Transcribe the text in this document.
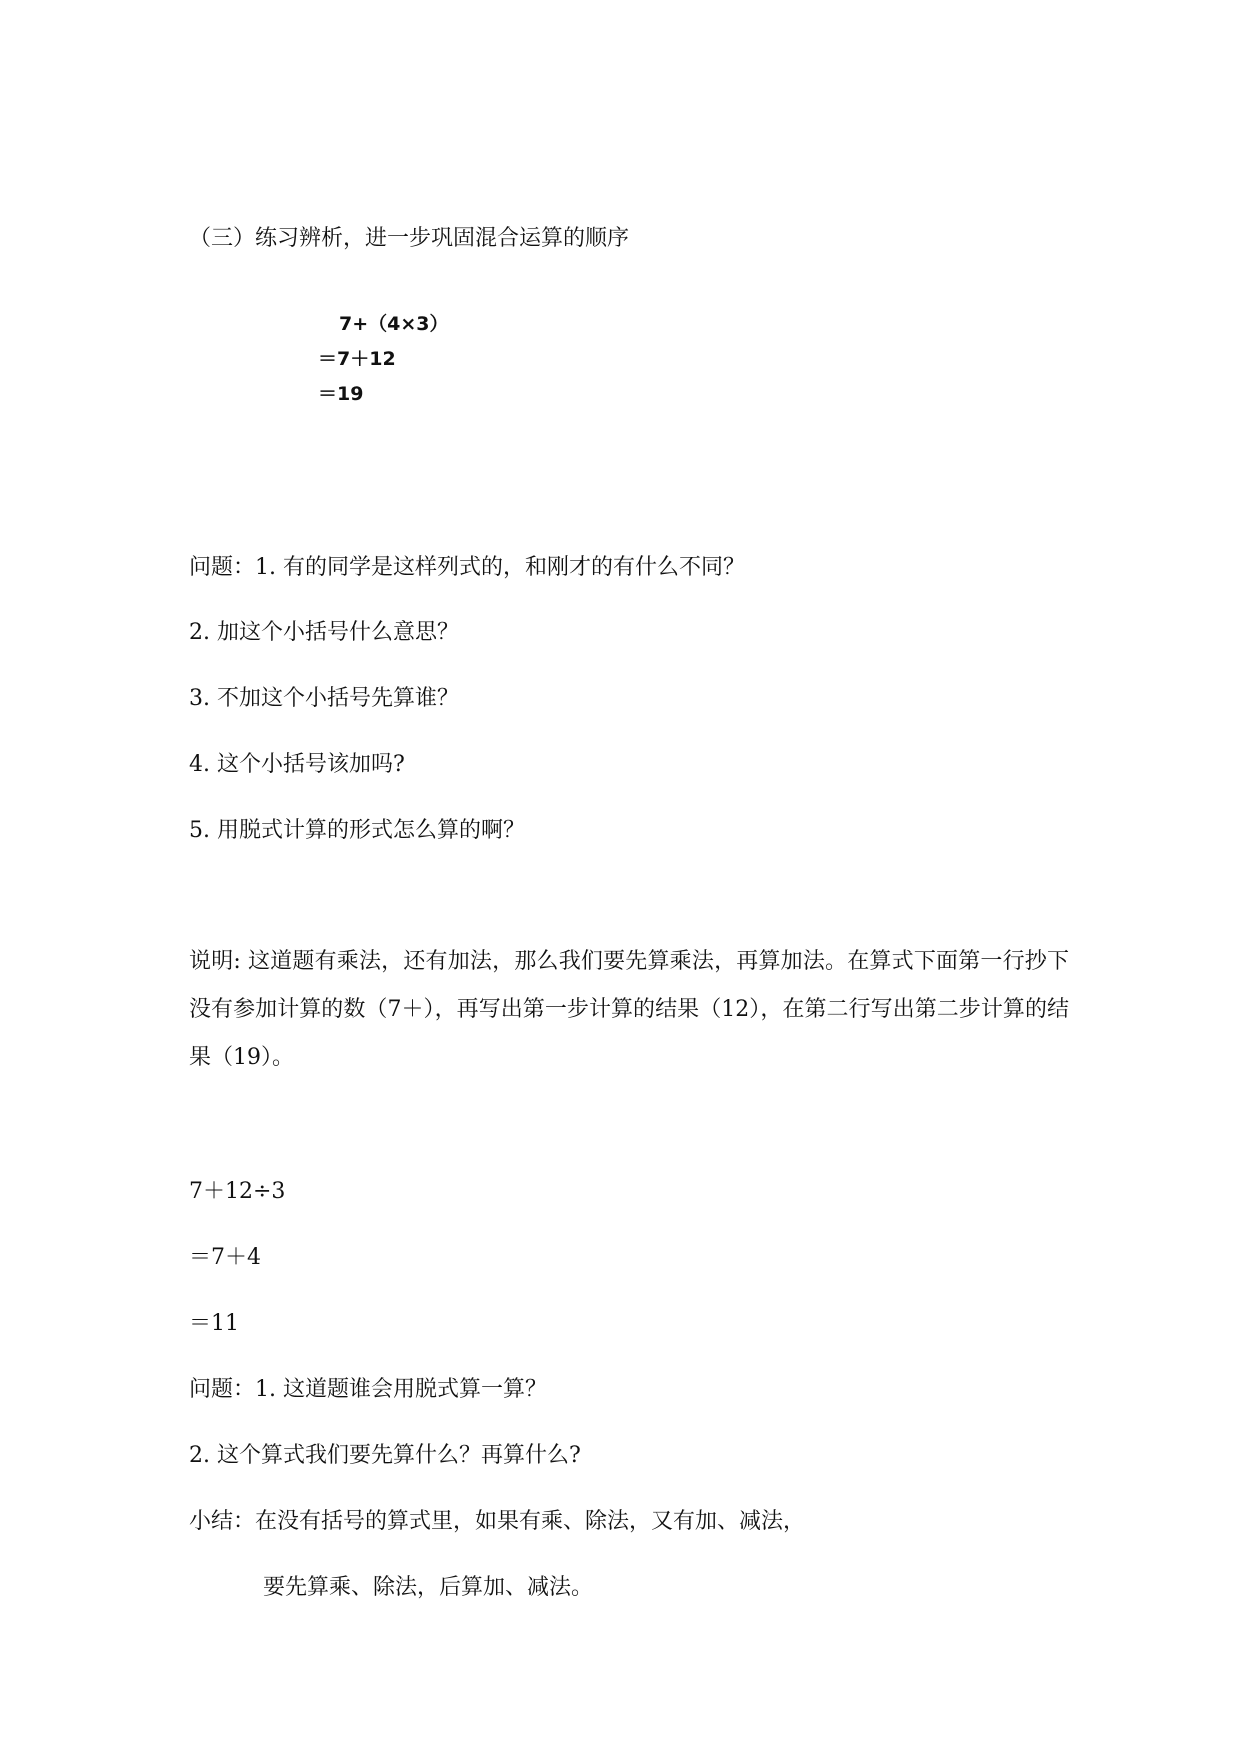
（三）练习辨析，进一步巩固混合运算的顺序
7+（4×3）
＝7＋12
＝19
问题：1. 有的同学是这样列式的，和刚才的有什么不同？
2. 加这个小括号什么意思？
3. 不加这个小括号先算谁？
4. 这个小括号该加吗?
5. 用脱式计算的形式怎么算的啊？
说明: 这道题有乘法，还有加法，那么我们要先算乘法，再算加法。在算式下面第一行抄下没有参加计算的数（7＋），再写出第一步计算的结果（12），在第二行写出第二步计算的结果（19）。
7＋12÷3
＝7＋4
＝11
问题：1. 这道题谁会用脱式算一算？
2. 这个算式我们要先算什么？再算什么?
小结：在没有括号的算式里，如果有乘、除法，又有加、减法，
要先算乘、除法，后算加、减法。
